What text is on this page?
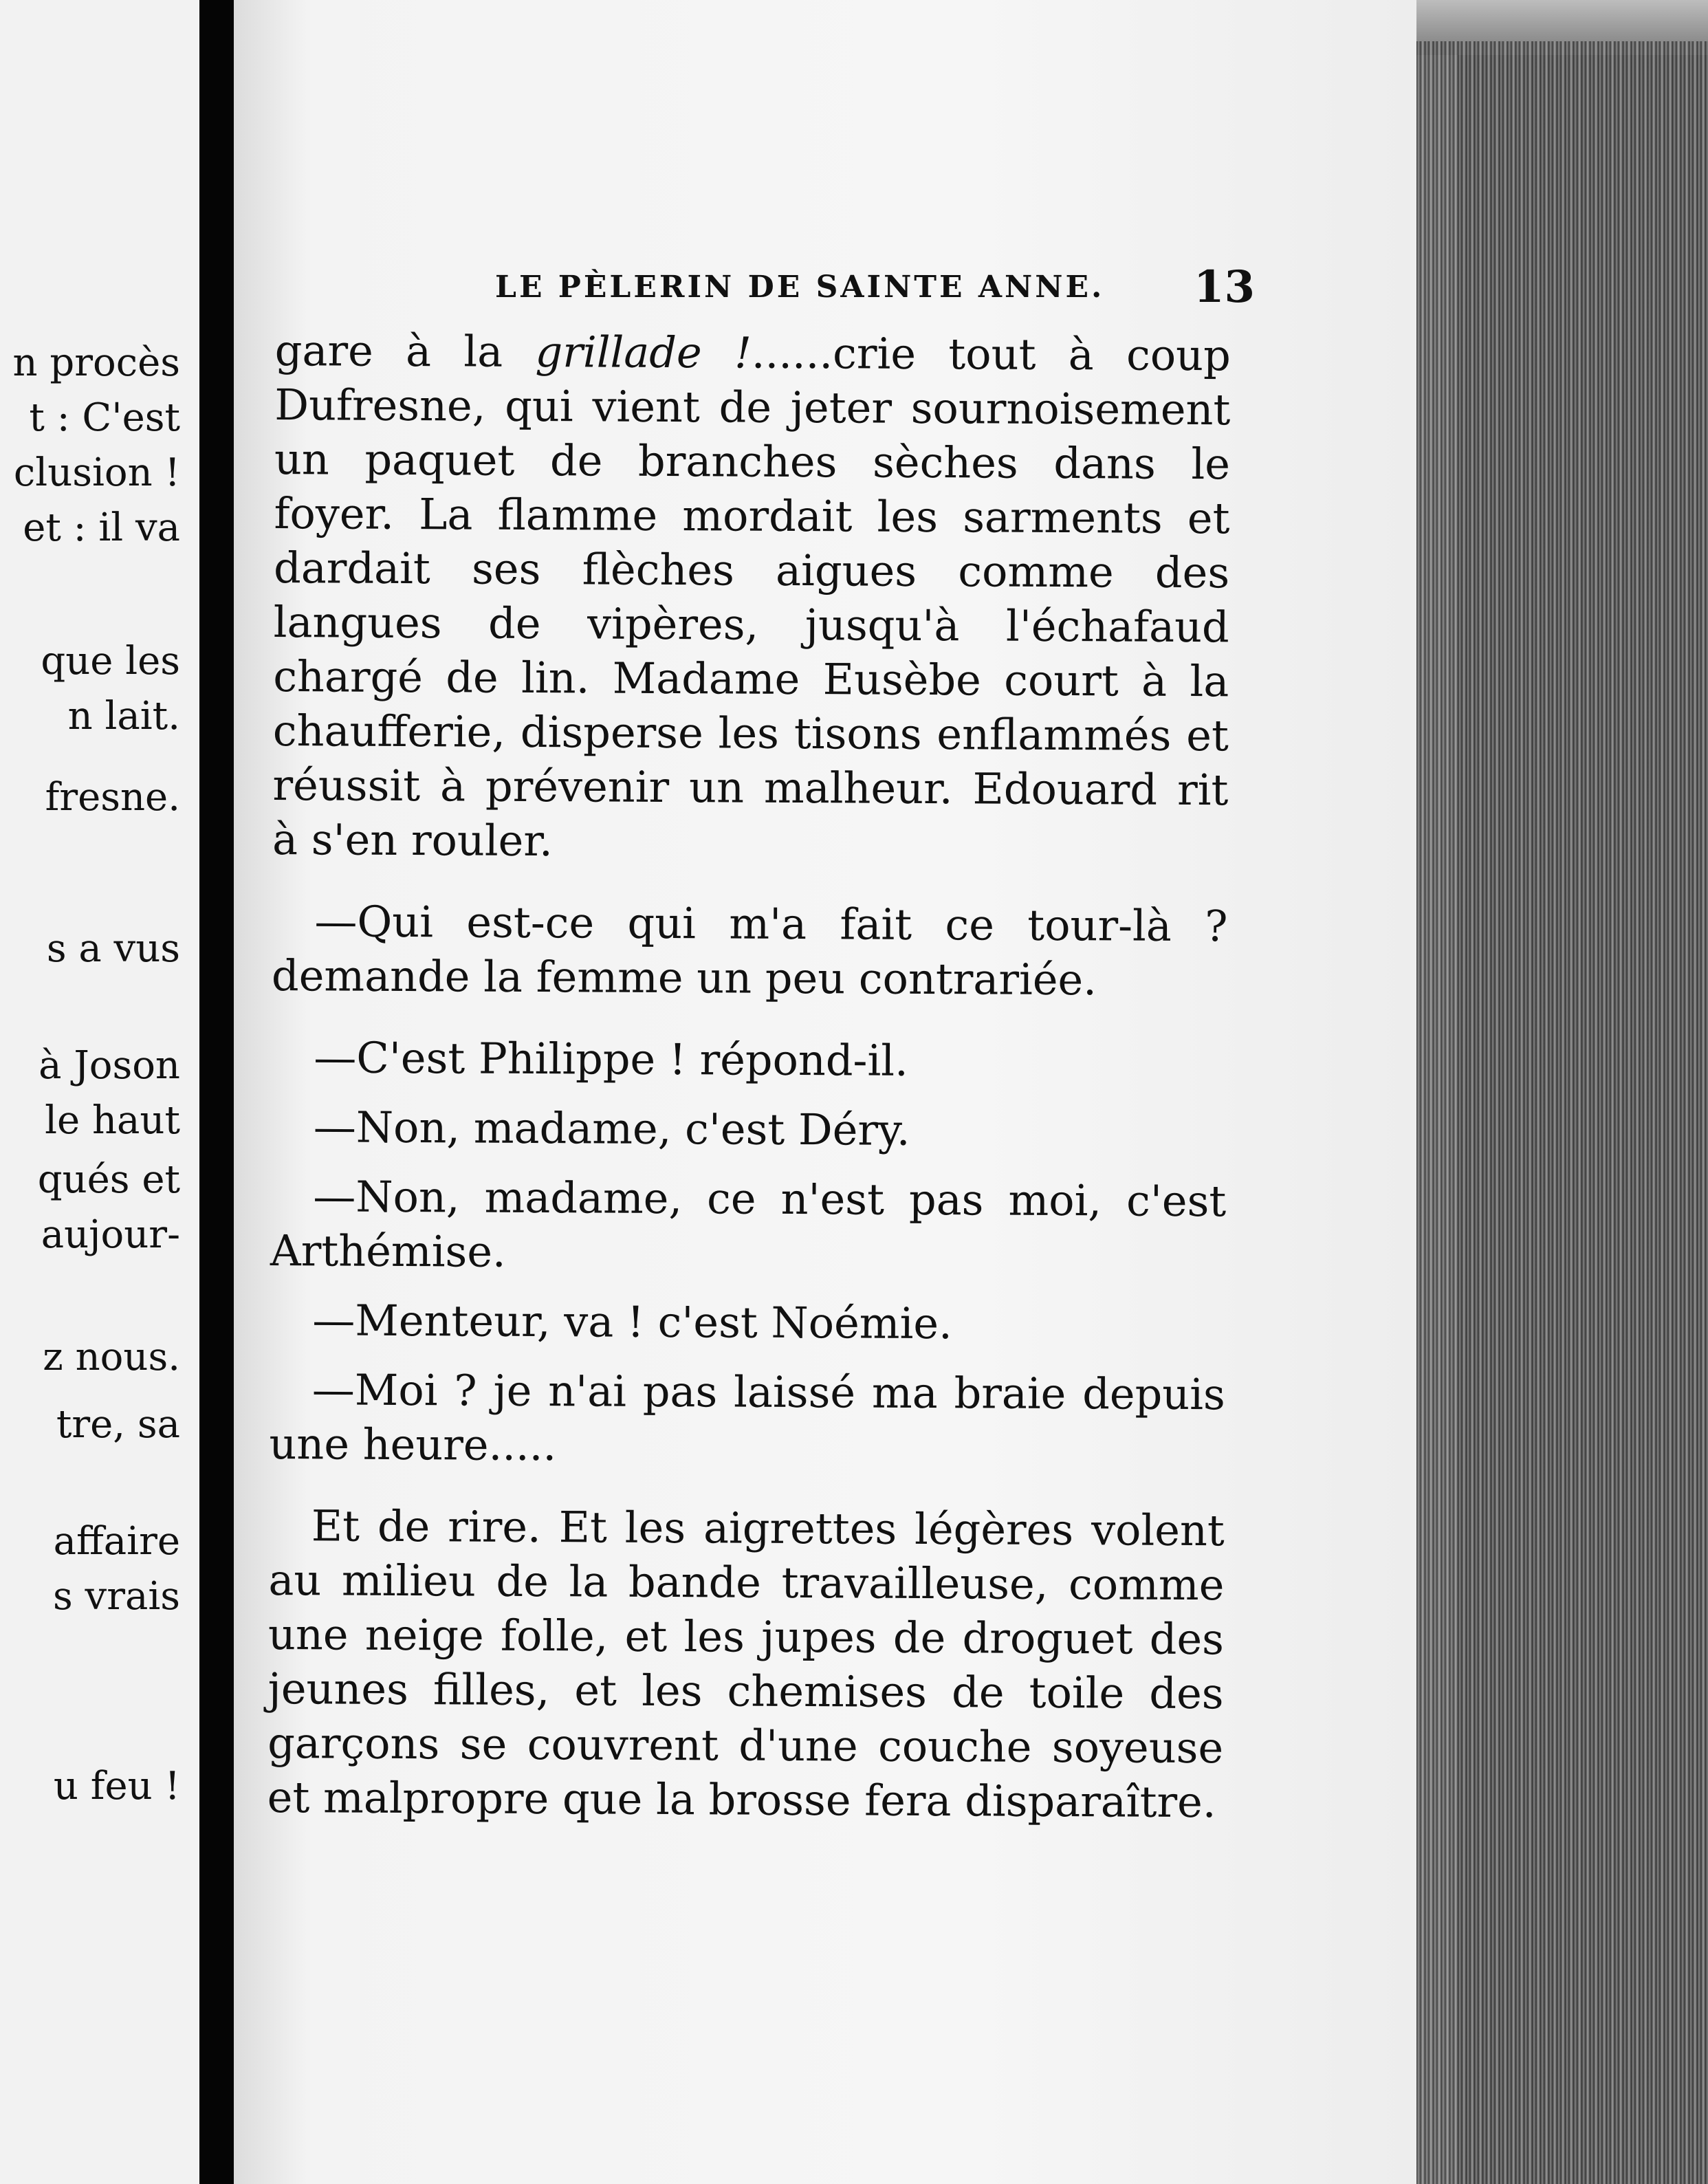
n procès
t : C'est
clusion !
et : il va
que les
n lait.
fresne.
s a vus
à Joson
le haut
qués et
aujour-
z nous.
tre, sa
affaire
s vrais
u feu !
LE PÈLERIN DE SAINTE ANNE. 13

gare à la grillade !......crie tout à coup Dufresne, qui vient de jeter sournoisement un paquet de branches sèches dans le foyer. La flamme mordait les sarments et dardait ses flèches aigues comme des langues de vipères, jusqu'à l'échafaud chargé de lin. Madame Eusèbe court à la chaufferie, disperse les tisons enflammés et réussit à prévenir un malheur. Edouard rit à s'en rouler.

—Qui est-ce qui m'a fait ce tour-là ? demande la femme un peu contrariée.

—C'est Philippe ! répond-il.

—Non, madame, c'est Déry.

—Non, madame, ce n'est pas moi, c'est Arthémise.

—Menteur, va ! c'est Noémie.

—Moi ? je n'ai pas laissé ma braie depuis une heure.....

Et de rire. Et les aigrettes légères volent au milieu de la bande travailleuse, comme une neige folle, et les jupes de droguet des jeunes filles, et les chemises de toile des garçons se couvrent d'une couche soyeuse et malpropre que la brosse fera disparaître.
